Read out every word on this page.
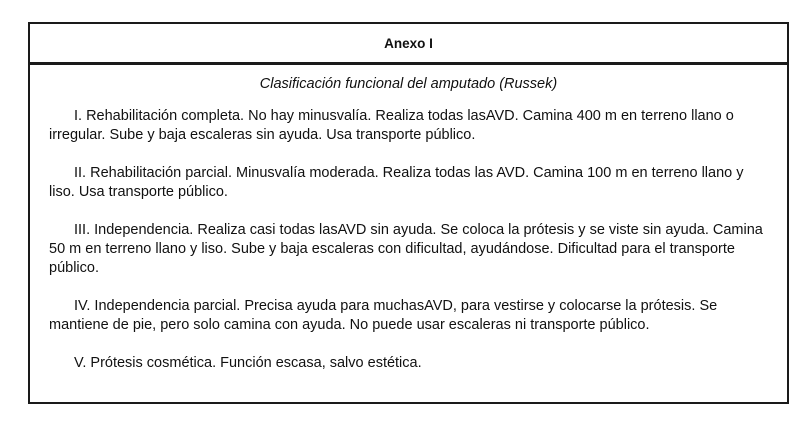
Anexo I
Clasificación funcional del amputado (Russek)

I. Rehabilitación completa. No hay minusvalía. Realiza todas lasAVD. Camina 400 m en terreno llano o irregular. Sube y baja escaleras sin ayuda. Usa transporte público.

II. Rehabilitación parcial. Minusvalía moderada. Realiza todas las AVD. Camina 100 m en terreno llano y liso. Usa transporte público.

III. Independencia. Realiza casi todas lasAVD sin ayuda. Se coloca la prótesis y se viste sin ayuda. Camina 50 m en terreno llano y liso. Sube y baja escaleras con dificultad, ayudándose. Dificultad para el transporte público.

IV. Independencia parcial. Precisa ayuda para muchasAVD, para vestirse y colocarse la prótesis. Se mantiene de pie, pero solo camina con ayuda. No puede usar escaleras ni transporte público.

V. Prótesis cosmética. Función escasa, salvo estética.
